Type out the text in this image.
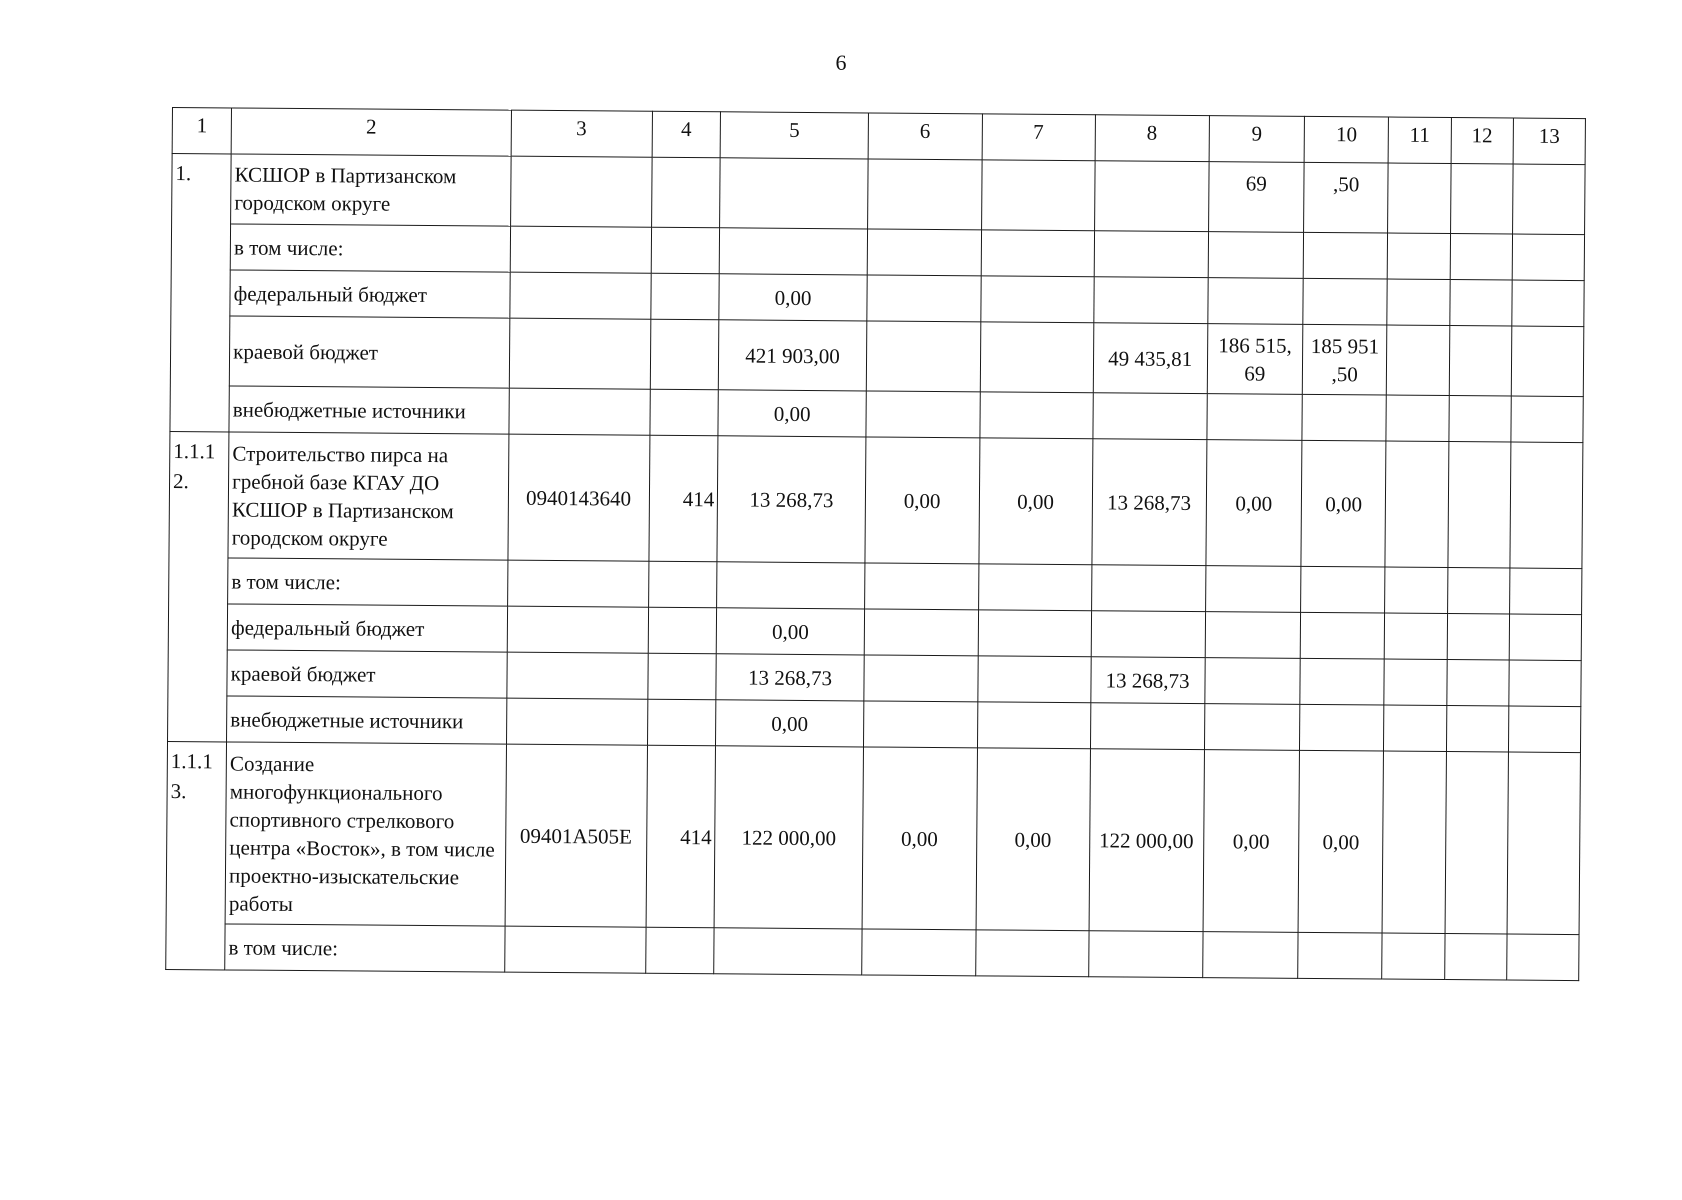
6
1	2	3	4	5	6	7	8	9	10	11	12	13
1.	КСШОР в Партизанском городском округе							69	,50			
	в том числе:											
	федеральный бюджет			0,00								
	краевой бюджет			421 903,00			49 435,81	186 515, 69	185 951 ,50			
	внебюджетные источники			0,00								
1.1.1 2.	Строительство пирса на гребной базе КГАУ ДО КСШОР в Партизанском городском округе	0940143640	414	13 268,73	0,00	0,00	13 268,73	0,00	0,00			
	в том числе:											
	федеральный бюджет			0,00								
	краевой бюджет			13 268,73			13 268,73					
	внебюджетные источники			0,00								
1.1.1 3.	Создание многофункционального спортивного стрелкового центра «Восток», в том числе проектно-изыскательские работы	09401А505Е	414	122 000,00	0,00	0,00	122 000,00	0,00	0,00			
	в том числе:											
